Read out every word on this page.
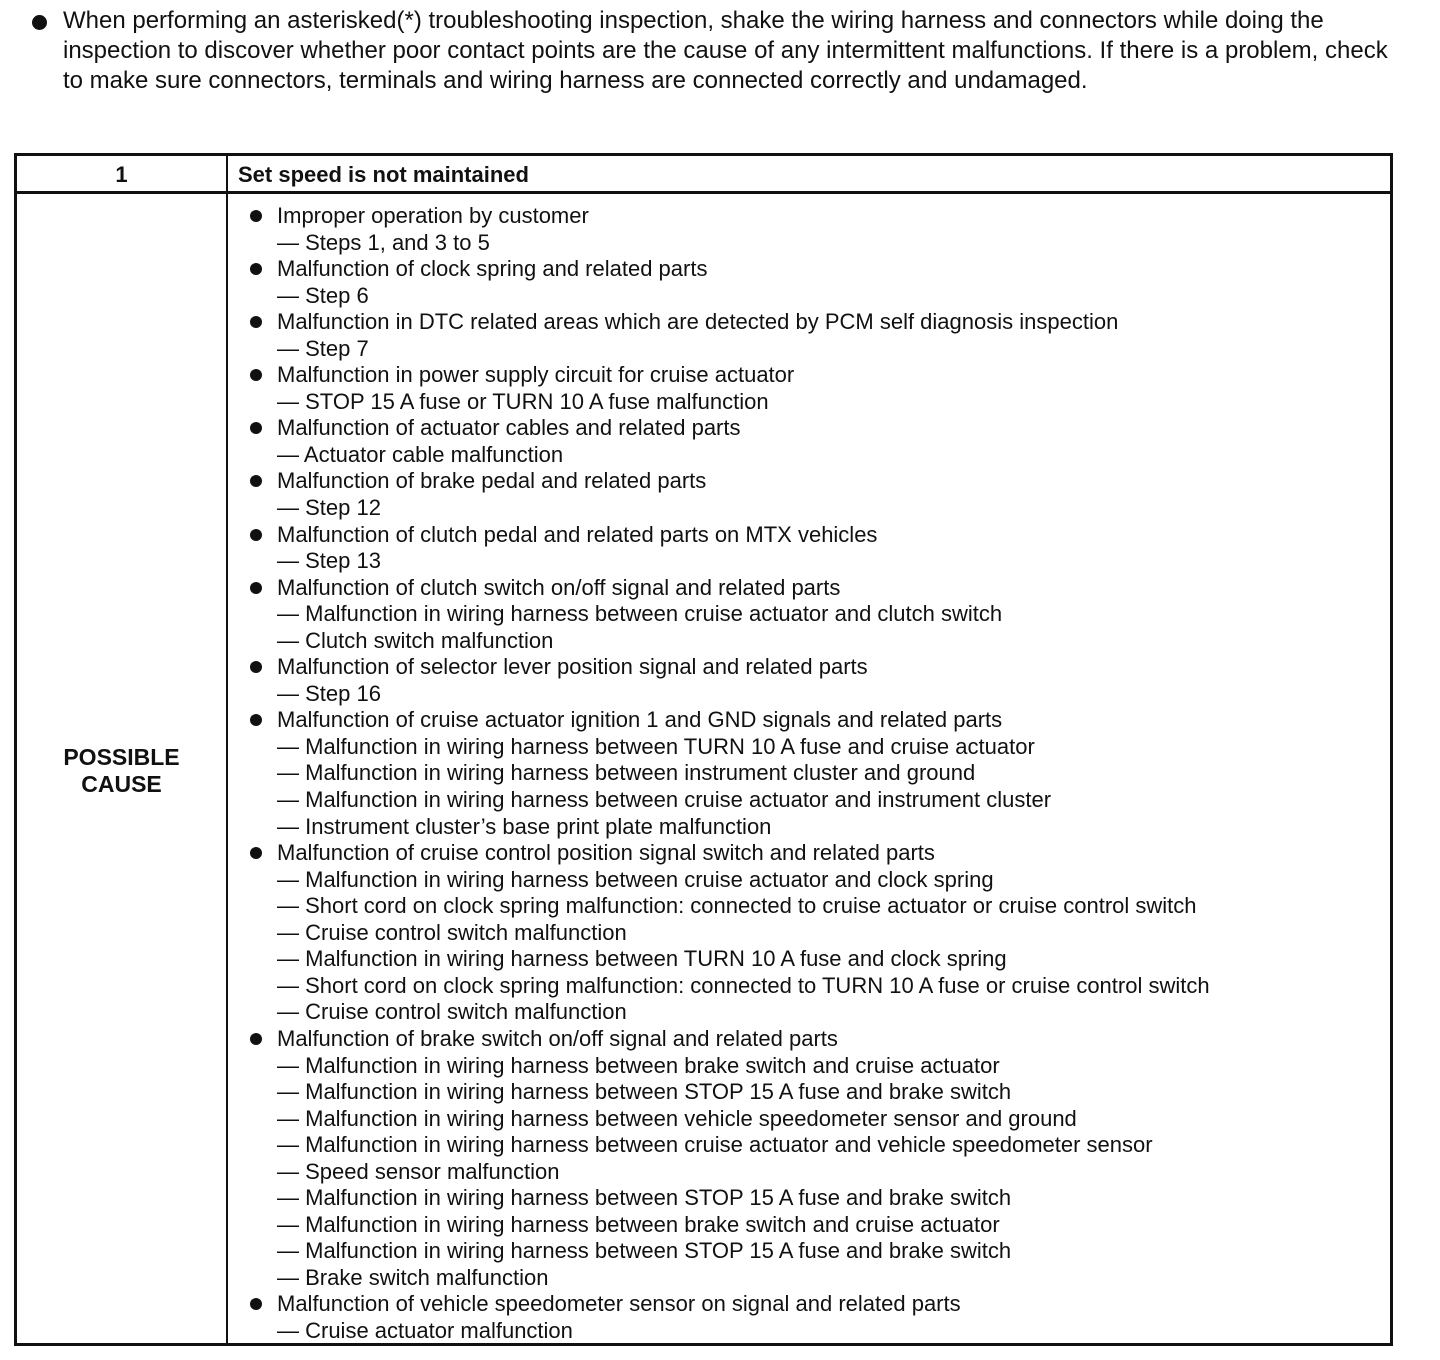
When performing an asterisked(*) troubleshooting inspection, shake the wiring harness and connectors while doing the inspection to discover whether poor contact points are the cause of any intermittent malfunctions. If there is a problem, check to make sure connectors, terminals and wiring harness are connected correctly and undamaged.
1	Set speed is not maintained
POSSIBLE
CAUSE
Improper operation by customer
— Steps 1, and 3 to 5
Malfunction of clock spring and related parts
— Step 6
Malfunction in DTC related areas which are detected by PCM self diagnosis inspection
— Step 7
Malfunction in power supply circuit for cruise actuator
— STOP 15 A fuse or TURN 10 A fuse malfunction
Malfunction of actuator cables and related parts
— Actuator cable malfunction
Malfunction of brake pedal and related parts
— Step 12
Malfunction of clutch pedal and related parts on MTX vehicles
— Step 13
Malfunction of clutch switch on/off signal and related parts
— Malfunction in wiring harness between cruise actuator and clutch switch
— Clutch switch malfunction
Malfunction of selector lever position signal and related parts
— Step 16
Malfunction of cruise actuator ignition 1 and GND signals and related parts
— Malfunction in wiring harness between TURN 10 A fuse and cruise actuator
— Malfunction in wiring harness between instrument cluster and ground
— Malfunction in wiring harness between cruise actuator and instrument cluster
— Instrument cluster’s base print plate malfunction
Malfunction of cruise control position signal switch and related parts
— Malfunction in wiring harness between cruise actuator and clock spring
— Short cord on clock spring malfunction: connected to cruise actuator or cruise control switch
— Cruise control switch malfunction
— Malfunction in wiring harness between TURN 10 A fuse and clock spring
— Short cord on clock spring malfunction: connected to TURN 10 A fuse or cruise control switch
— Cruise control switch malfunction
Malfunction of brake switch on/off signal and related parts
— Malfunction in wiring harness between brake switch and cruise actuator
— Malfunction in wiring harness between STOP 15 A fuse and brake switch
— Malfunction in wiring harness between vehicle speedometer sensor and ground
— Malfunction in wiring harness between cruise actuator and vehicle speedometer sensor
— Speed sensor malfunction
— Malfunction in wiring harness between STOP 15 A fuse and brake switch
— Malfunction in wiring harness between brake switch and cruise actuator
— Malfunction in wiring harness between STOP 15 A fuse and brake switch
— Brake switch malfunction
Malfunction of vehicle speedometer sensor on signal and related parts
— Cruise actuator malfunction
